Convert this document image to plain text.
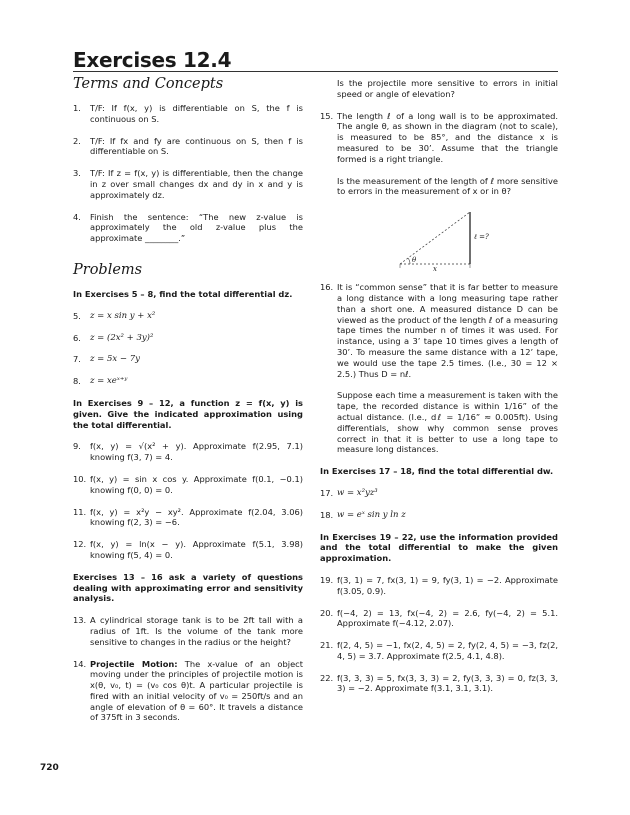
Exercises 12.4
Terms and Concepts
1.	T/F: If f(x, y) is differentiable on S, the f is continuous on S.
2.	T/F: If fx and fy are continuous on S, then f is differentiable on S.
3.	T/F: If z = f(x, y) is differentiable, then the change in z over small changes dx and dy in x and y is approximately dz.
4.	Finish the sentence: “The new z-value is approximately the old z-value plus the approximate ________.”
Problems
In Exercises 5 – 8, find the total differential dz.
5.	z = x sin y + x²
6.	z = (2x² + 3y)²
7.	z = 5x − 7y
8.	z = xeˣ⁺ʸ
In Exercises 9 – 12, a function z = f(x, y) is given. Give the indicated approximation using the total differential.
9.	f(x, y) = √(x² + y). Approximate f(2.95, 7.1) knowing f(3, 7) = 4.
10. f(x, y) = sin x cos y. Approximate f(0.1, −0.1) knowing f(0, 0) = 0.
11. f(x, y) = x²y − xy². Approximate f(2.04, 3.06) knowing f(2, 3) = −6.
12. f(x, y) = ln(x − y). Approximate f(5.1, 3.98) knowing f(5, 4) = 0.
Exercises 13 – 16 ask a variety of questions dealing with approximating error and sensitivity analysis.
13. A cylindrical storage tank is to be 2ft tall with a radius of 1ft. Is the volume of the tank more sensitive to changes in the radius or the height?
14. Projectile Motion: The x-value of an object moving under the principles of projectile motion is x(θ, v₀, t) = (v₀ cos θ)t. A particular projectile is fired with an initial velocity of v₀ = 250ft/s and an angle of elevation of θ = 60°. It travels a distance of 375ft in 3 seconds.
Is the projectile more sensitive to errors in initial speed or angle of elevation?
15. The length ℓ of a long wall is to be approximated. The angle θ, as shown in the diagram (not to scale), is measured to be 85°, and the distance x is measured to be 30’. Assume that the triangle formed is a right triangle.
Is the measurement of the length of ℓ more sensitive to errors in the measurement of x or in θ?
ℓ =?
θ
x
16. It is “common sense” that it is far better to measure a long distance with a long measuring tape rather than a short one. A measured distance D can be viewed as the product of the length ℓ of a measuring tape times the number n of times it was used. For instance, using a 3’ tape 10 times gives a length of 30’. To measure the same distance with a 12’ tape, we would use the tape 2.5 times. (I.e., 30 = 12 × 2.5.) Thus D = nℓ.
Suppose each time a measurement is taken with the tape, the recorded distance is within 1/16” of the actual distance. (I.e., dℓ = 1/16” ≈ 0.005ft). Using differentials, show why common sense proves correct in that it is better to use a long tape to measure long distances.
In Exercises 17 – 18, find the total differential dw.
17. w = x²yz³
18. w = eˣ sin y ln z
In Exercises 19 – 22, use the information provided and the total differential to make the given approximation.
19. f(3, 1) = 7, fx(3, 1) = 9, fy(3, 1) = −2. Approximate f(3.05, 0.9).
20. f(−4, 2) = 13, fx(−4, 2) = 2.6, fy(−4, 2) = 5.1. Approximate f(−4.12, 2.07).
21. f(2, 4, 5) = −1, fx(2, 4, 5) = 2, fy(2, 4, 5) = −3, fz(2, 4, 5) = 3.7. Approximate f(2.5, 4.1, 4.8).
22. f(3, 3, 3) = 5, fx(3, 3, 3) = 2, fy(3, 3, 3) = 0, fz(3, 3, 3) = −2. Approximate f(3.1, 3.1, 3.1).
720
